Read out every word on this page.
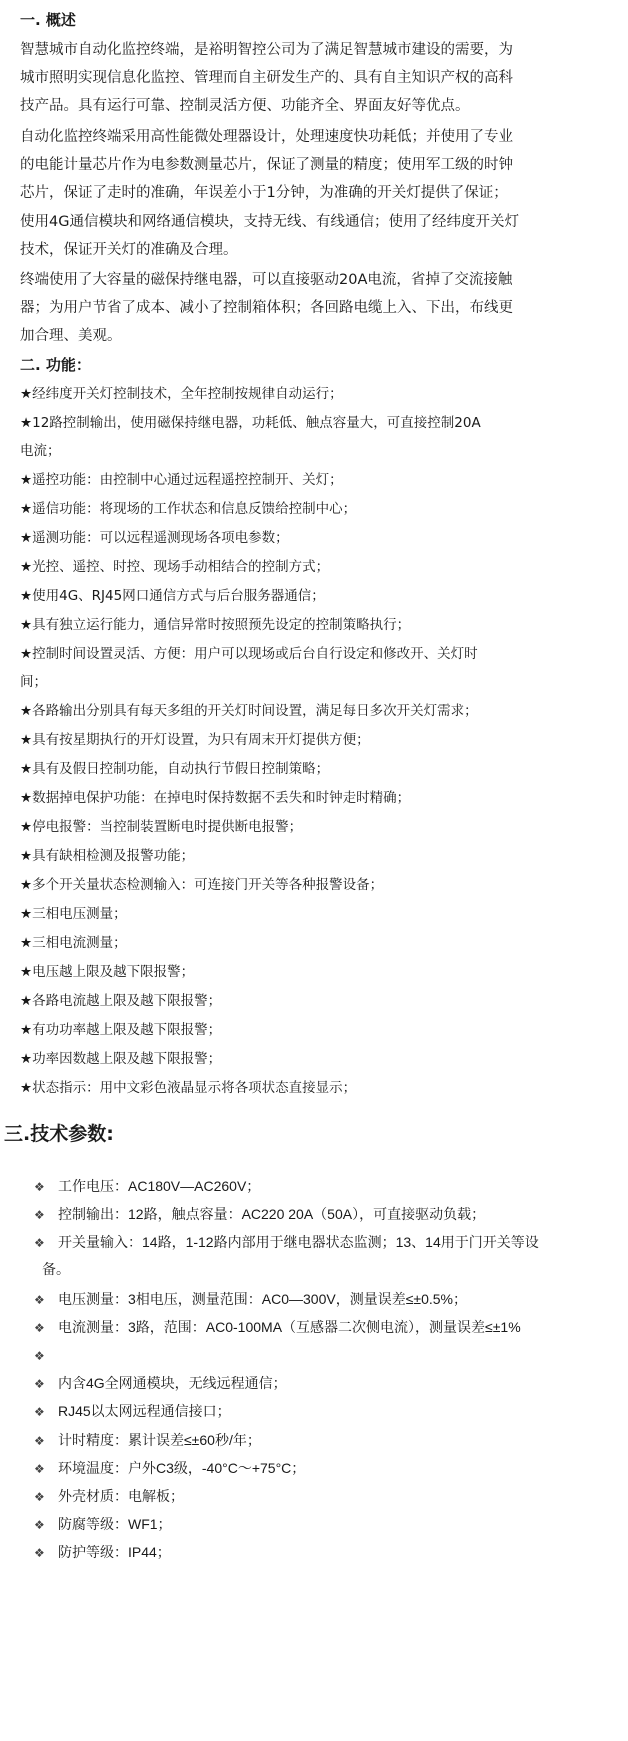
一. 概述
智慧城市自动化监控终端，是裕明智控公司为了满足智慧城市建设的需要，为
城市照明实现信息化监控、管理而自主研发生产的、具有自主知识产权的高科
技产品。具有运行可靠、控制灵活方便、功能齐全、界面友好等优点。
自动化监控终端采用高性能微处理器设计，处理速度快功耗低；并使用了专业
的电能计量芯片作为电参数测量芯片，保证了测量的精度；使用军工级的时钟
芯片，保证了走时的准确，年误差小于1分钟，为准确的开关灯提供了保证；
使用4G通信模块和网络通信模块，支持无线、有线通信；使用了经纬度开关灯
技术，保证开关灯的准确及合理。
终端使用了大容量的磁保持继电器，可以直接驱动20A电流，省掉了交流接触
器；为用户节省了成本、减小了控制箱体积；各回路电缆上入、下出，布线更
加合理、美观。
二. 功能：
★经纬度开关灯控制技术，全年控制按规律自动运行；
★12路控制输出，使用磁保持继电器，功耗低、触点容量大，可直接控制20A
电流；
★遥控功能：由控制中心通过远程遥控控制开、关灯；
★遥信功能：将现场的工作状态和信息反馈给控制中心；
★遥测功能：可以远程遥测现场各项电参数；
★光控、遥控、时控、现场手动相结合的控制方式；
★使用4G、RJ45网口通信方式与后台服务器通信；
★具有独立运行能力，通信异常时按照预先设定的控制策略执行；
★控制时间设置灵活、方便：用户可以现场或后台自行设定和修改开、关灯时
间；
★各路输出分别具有每天多组的开关灯时间设置，满足每日多次开关灯需求；
★具有按星期执行的开灯设置，为只有周末开灯提供方便；
★具有及假日控制功能，自动执行节假日控制策略；
★数据掉电保护功能：在掉电时保持数据不丢失和时钟走时精确；
★停电报警：当控制装置断电时提供断电报警；
★具有缺相检测及报警功能；
★多个开关量状态检测输入：可连接门开关等各种报警设备；
★三相电压测量；
★三相电流测量；
★电压越上限及越下限报警；
★各路电流越上限及越下限报警；
★有功功率越上限及越下限报警；
★功率因数越上限及越下限报警；
★状态指示：用中文彩色液晶显示将各项状态直接显示；
三.技术参数:
❖ 工作电压：AC180V—AC260V；
❖ 控制输出：12路，触点容量：AC220 20A（50A），可直接驱动负载；
❖ 开关量输入：14路，1-12路内部用于继电器状态监测；13、14用于门开关等设
备。
❖ 电压测量：3相电压，测量范围：AC0—300V，测量误差≤±0.5%；
❖ 电流测量：3路，范围：AC0-100MA（互感器二次侧电流），测量误差≤±1%
❖
❖ 内含4G全网通模块，无线远程通信；
❖ RJ45以太网远程通信接口；
❖ 计时精度：累计误差≤±60秒/年；
❖ 环境温度：户外C3级，-40°C～+75°C；
❖ 外壳材质：电解板；
❖ 防腐等级：WF1；
❖ 防护等级：IP44；
